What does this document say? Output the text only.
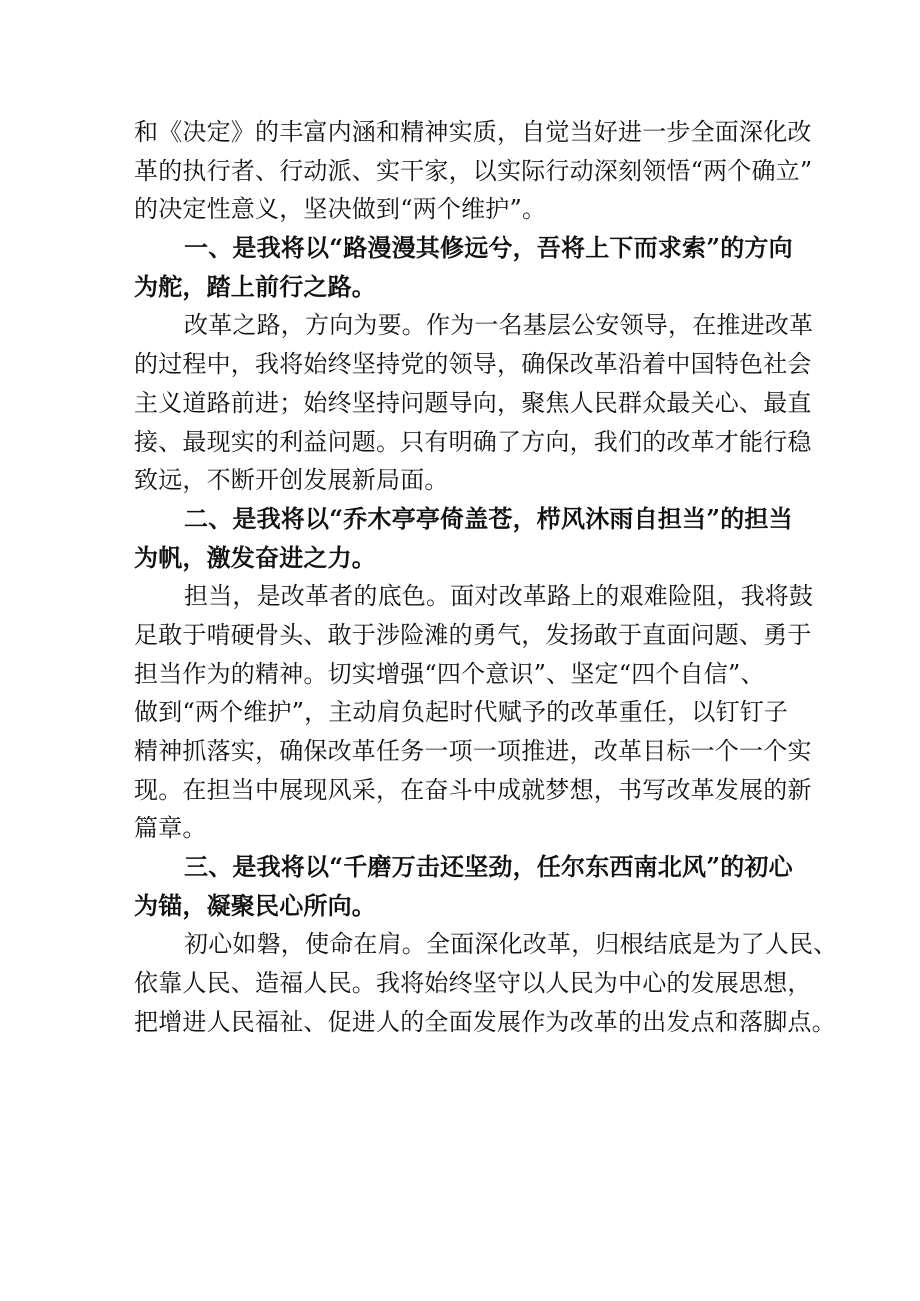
和《决定》的丰富内涵和精神实质，自觉当好进一步全面深化改
革的执行者、行动派、实干家，以实际行动深刻领悟“两个确立”
的决定性意义，坚决做到“两个维护”。
一、是我将以“路漫漫其修远兮，吾将上下而求索”的方向
为舵，踏上前行之路。
改革之路，方向为要。作为一名基层公安领导，在推进改革
的过程中，我将始终坚持党的领导，确保改革沿着中国特色社会
主义道路前进；始终坚持问题导向，聚焦人民群众最关心、最直
接、最现实的利益问题。只有明确了方向，我们的改革才能行稳
致远，不断开创发展新局面。
二、是我将以“乔木亭亭倚盖苍，栉风沐雨自担当”的担当
为帆，激发奋进之力。
担当，是改革者的底色。面对改革路上的艰难险阻，我将鼓
足敢于啃硬骨头、敢于涉险滩的勇气，发扬敢于直面问题、勇于
担当作为的精神。切实增强“四个意识”、坚定“四个自信”、
做到“两个维护”，主动肩负起时代赋予的改革重任，以钉钉子
精神抓落实，确保改革任务一项一项推进，改革目标一个一个实
现。在担当中展现风采，在奋斗中成就梦想，书写改革发展的新
篇章。
三、是我将以“千磨万击还坚劲，任尔东西南北风”的初心
为锚，凝聚民心所向。
初心如磐，使命在肩。全面深化改革，归根结底是为了人民、
依靠人民、造福人民。我将始终坚守以人民为中心的发展思想，
把增进人民福祉、促进人的全面发展作为改革的出发点和落脚点。
